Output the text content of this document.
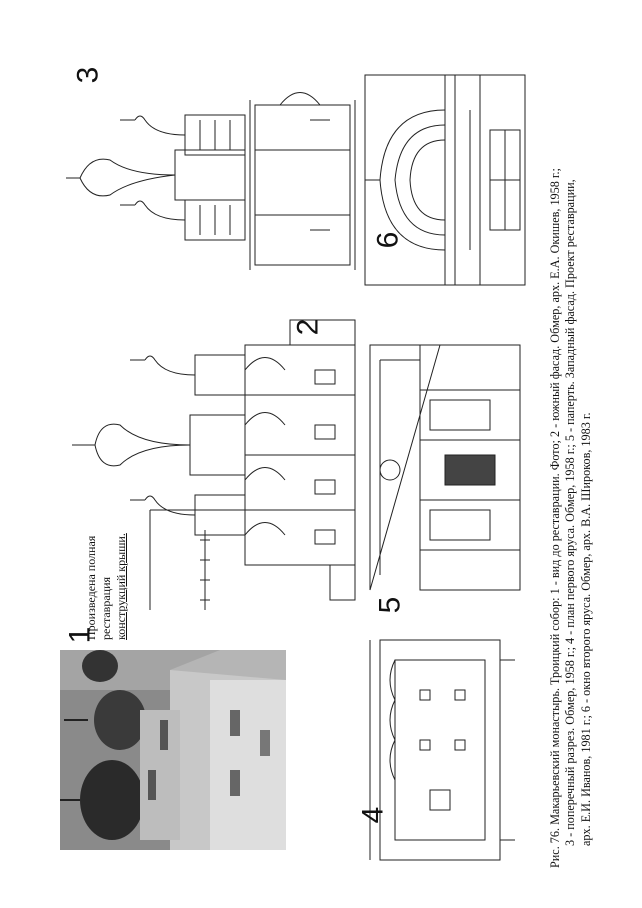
1
2
3
4
5
6
Произведена полная реставрация конструкций крыши.	Рис. 76. Макарьевский монастырь. Троицкий собор: 1 - вид до реставрации. Фото; 2 - южный фасад. Обмер, арх. Е.А. Окишев, 1958 г.; 3 - поперечный разрез. Обмер, 1958 г.; 4 - план первого яруса. Обмер, 1958 г.; 5 - паперть. Западный фасад. Проект реставрации, арх. Е.И. Иванов, 1981 г.; 6 - окно второго яруса. Обмер, арх. В.А. Широков, 1983 г.
